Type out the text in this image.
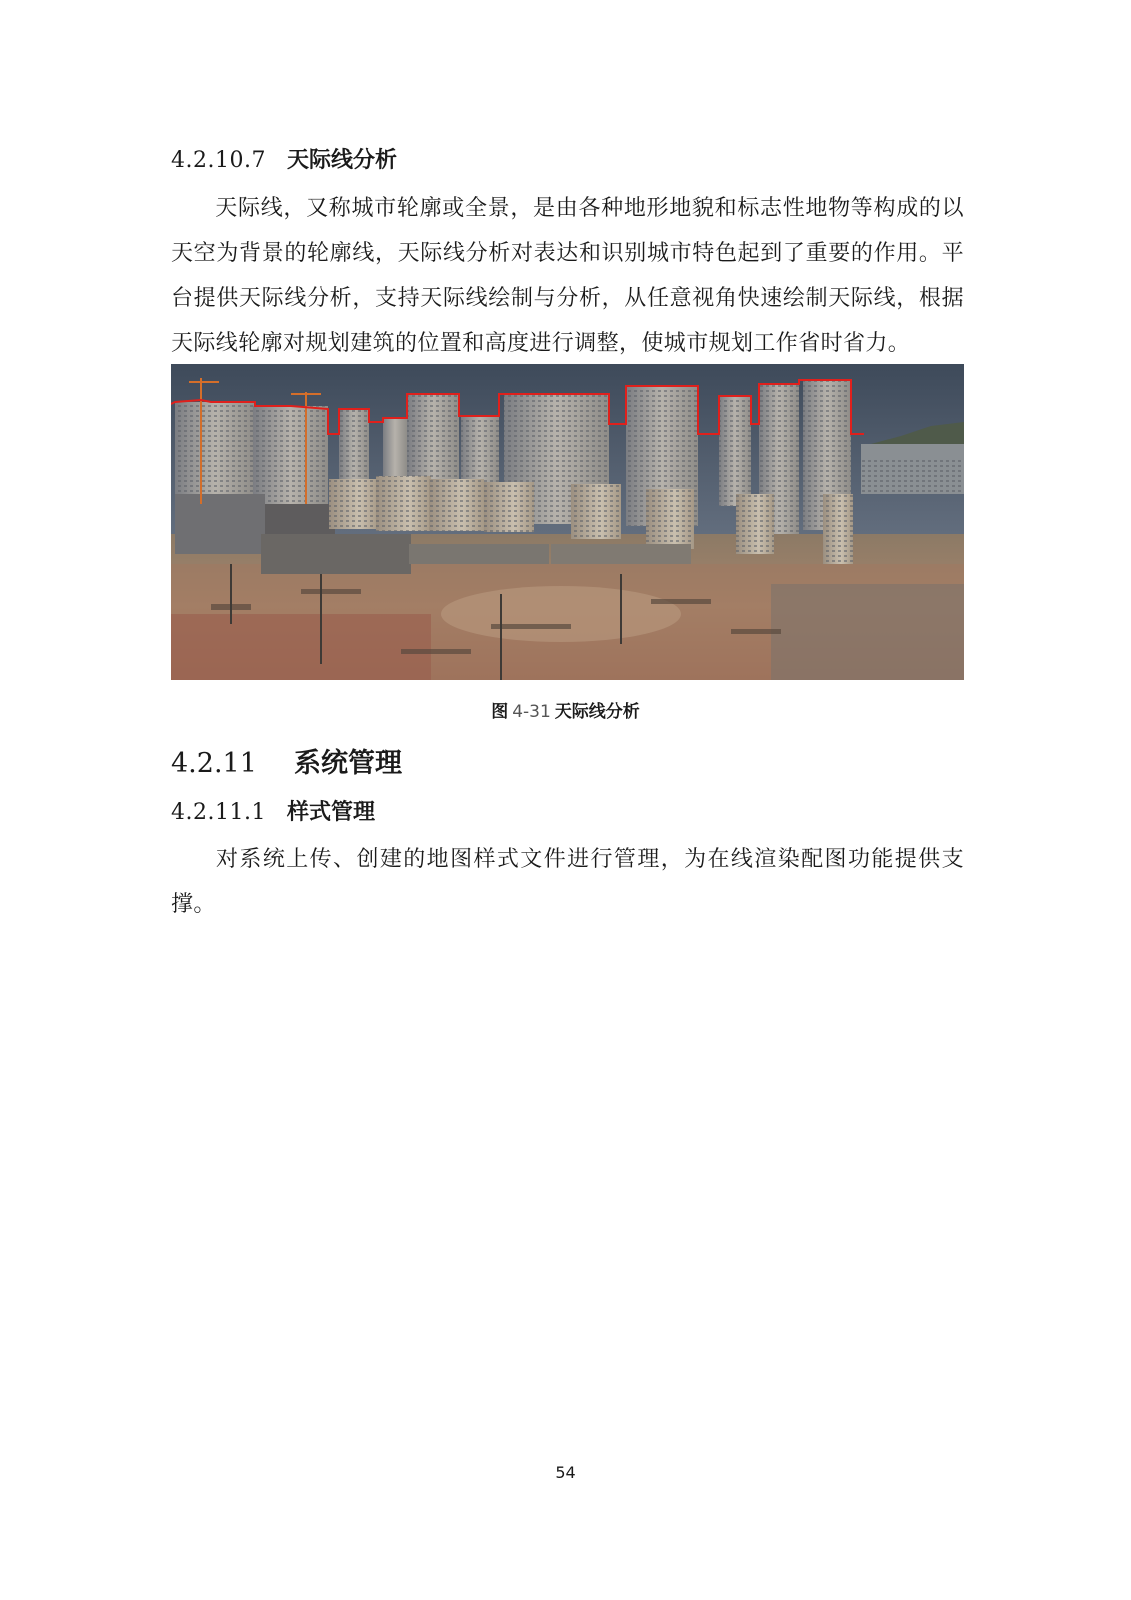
4.2.10.7 天际线分析

天际线，又称城市轮廓或全景，是由各种地形地貌和标志性地物等构成的以天空为背景的轮廓线，天际线分析对表达和识别城市特色起到了重要的作用。平台提供天际线分析，支持天际线绘制与分析，从任意视角快速绘制天际线，根据天际线轮廓对规划建筑的位置和高度进行调整，使城市规划工作省时省力。

图 4-31 天际线分析
4.2.11 系统管理
4.2.11.1 样式管理

对系统上传、创建的地图样式文件进行管理，为在线渲染配图功能提供支撑。

54
